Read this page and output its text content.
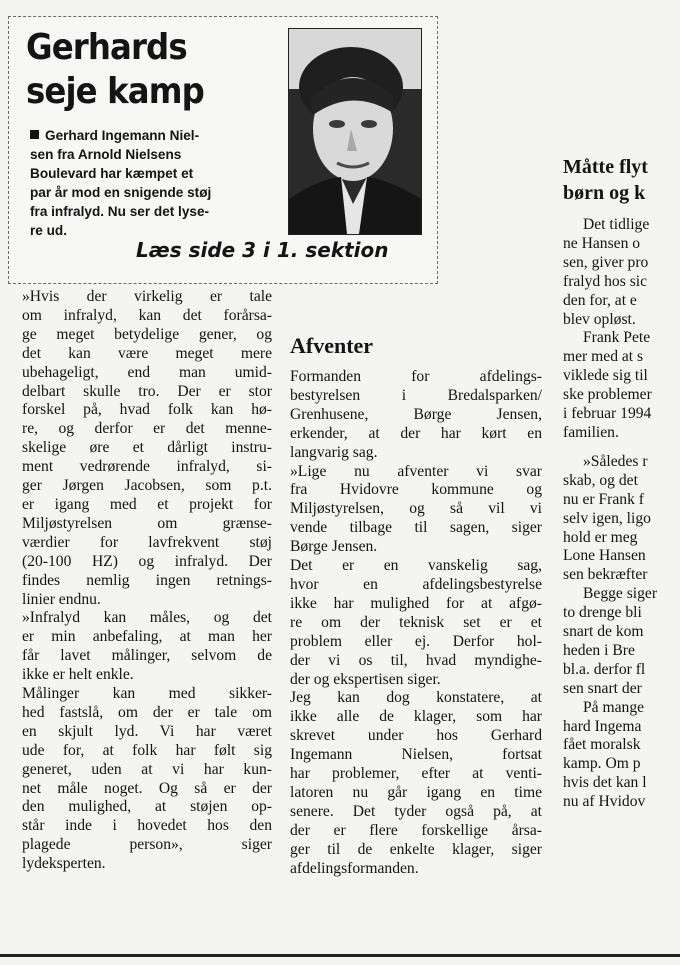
Gerhards
seje kamp

Gerhard Ingemann Niel-
sen fra Arnold Nielsens
Boulevard har kæmpet et
par år mod en snigende støj
fra infralyd. Nu ser det lyse-
re ud.

Læs side 3 i 1. sektion

»Hvis der virkelig er tale
om infralyd, kan det forårsa-
ge meget betydelige gener, og
det kan være meget mere
ubehageligt, end man umid-
delbart skulle tro. Der er stor
forskel på, hvad folk kan hø-
re, og derfor er det menne-
skelige øre et dårligt instru-
ment vedrørende infralyd, si-
ger Jørgen Jacobsen, som p.t.
er igang med et projekt for
Miljøstyrelsen om grænse-
værdier for lavfrekvent støj
(20-100 HZ) og infralyd. Der
findes nemlig ingen retnings-
linier endnu.

»Infralyd kan måles, og det
er min anbefaling, at man her
får lavet målinger, selvom de
ikke er helt enkle.

Målinger kan med sikker-
hed fastslå, om der er tale om
en skjult lyd. Vi har været
ude for, at folk har følt sig
generet, uden at vi har kun-
net måle noget. Og så er der
den mulighed, at støjen op-
står inde i hovedet hos den
plagede person», siger
lydeksperten.

Afventer

Formanden for afdelings-
bestyrelsen i Bredalsparken/
Grenhusene, Børge Jensen,
erkender, at der har kørt en
langvarig sag.

»Lige nu afventer vi svar
fra Hvidovre kommune og
Miljøstyrelsen, og så vil vi
vende tilbage til sagen, siger
Børge Jensen.

Det er en vanskelig sag,
hvor en afdelingsbestyrelse
ikke har mulighed for at afgø-
re om der teknisk set er et
problem eller ej. Derfor hol-
der vi os til, hvad myndighe-
der og ekspertisen siger.

Jeg kan dog konstatere, at
ikke alle de klager, som har
skrevet under hos Gerhard
Ingemann Nielsen, fortsat
har problemer, efter at venti-
latoren nu går igang en time
senere. Det tyder også på, at
der er flere forskellige årsa-
ger til de enkelte klager, siger
afdelingsformanden.

Måtte flyt
børn og k

Det tidlige
ne Hansen o
sen, giver pro
fralyd hos sic
den for, at e
blev opløst.

Frank Pete
mer med at s
viklede sig til
ske problemer
i februar 1994
familien.

»Således r
skab, og det
nu er Frank f
selv igen, ligo
hold er meg
Lone Hansen
sen bekræfter

Begge siger
to drenge bli
snart de kom
heden i Bre
bl.a. derfor fl
sen snart der

På mange
hard Ingema
fået moralsk
kamp. Om p
hvis det kan l
nu af Hvidov
